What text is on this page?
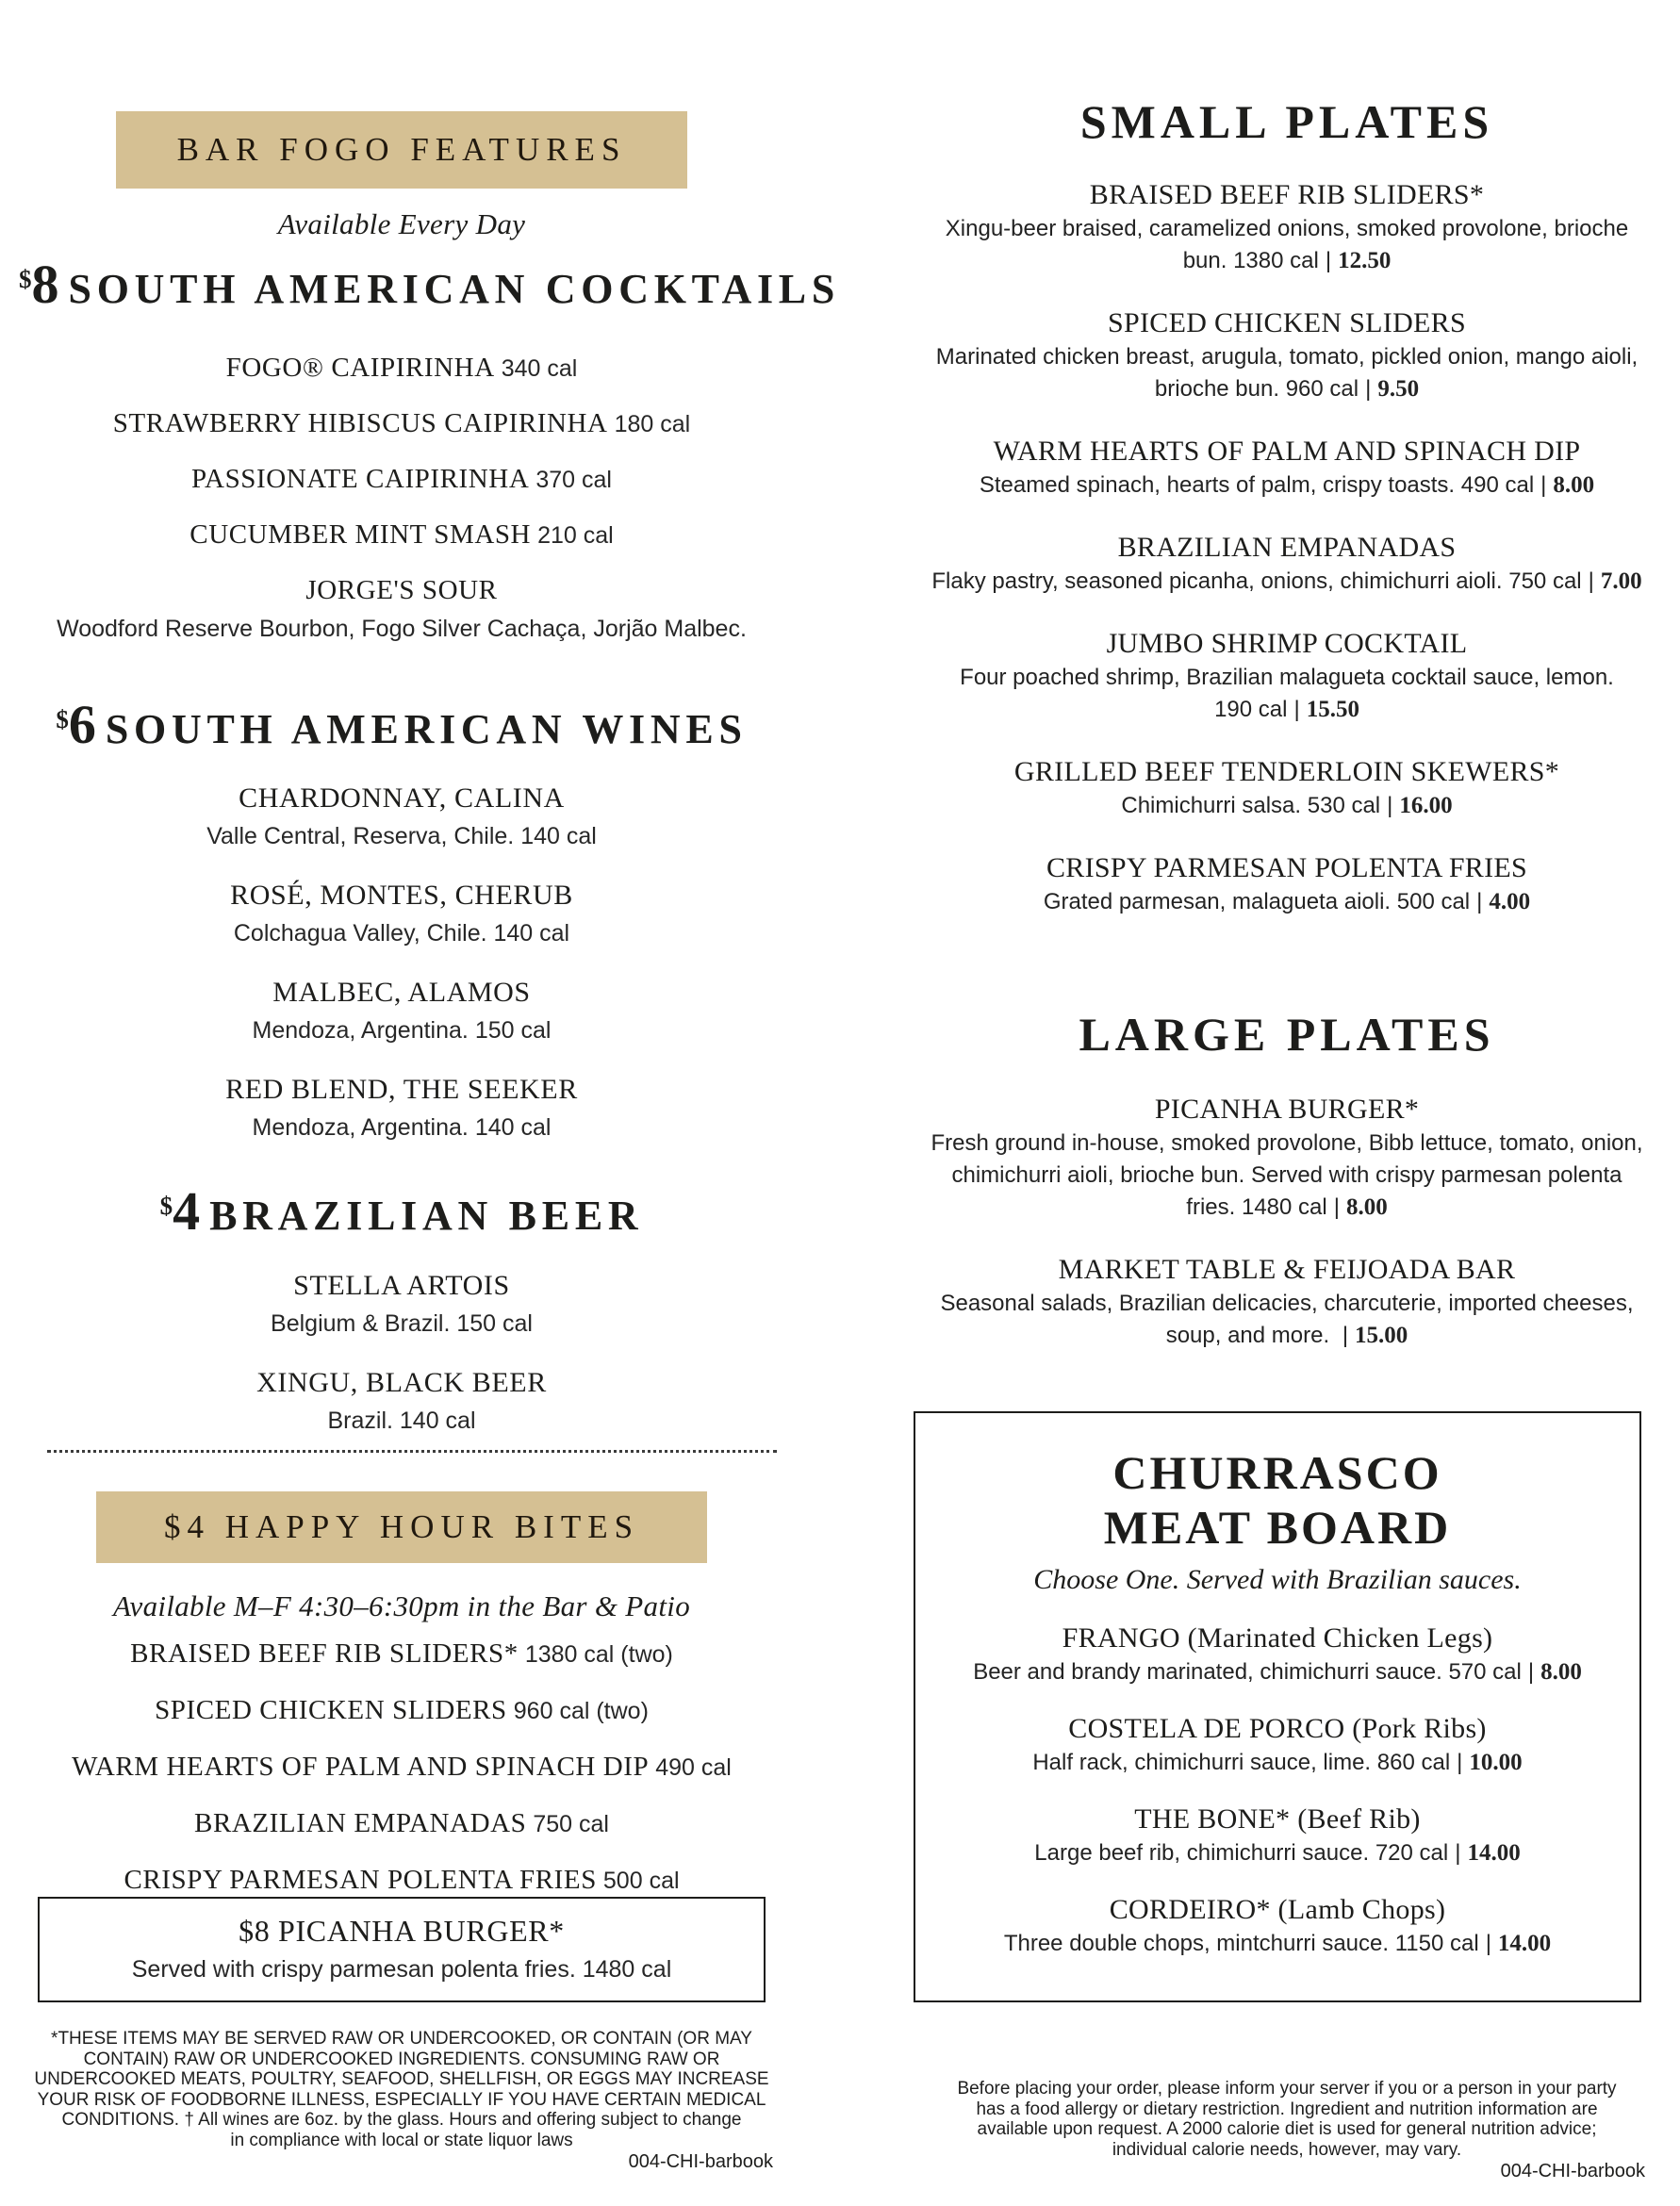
BAR FOGO FEATURES
Available Every Day
$8 SOUTH AMERICAN COCKTAILS
FOGO® CAIPIRINHA 340 cal
STRAWBERRY HIBISCUS CAIPIRINHA 180 cal
PASSIONATE CAIPIRINHA 370 cal
CUCUMBER MINT SMASH 210 cal
JORGE'S SOUR
Woodford Reserve Bourbon, Fogo Silver Cachaça, Jorjão Malbec.
$6 SOUTH AMERICAN WINES
CHARDONNAY, CALINA
Valle Central, Reserva, Chile. 140 cal
ROSÉ, MONTES, CHERUB
Colchagua Valley, Chile. 140 cal
MALBEC, ALAMOS
Mendoza, Argentina. 150 cal
RED BLEND, THE SEEKER
Mendoza, Argentina. 140 cal
$4 BRAZILIAN BEER
STELLA ARTOIS
Belgium & Brazil. 150 cal
XINGU, BLACK BEER
Brazil. 140 cal
$4 HAPPY HOUR BITES
Available M–F 4:30–6:30pm in the Bar & Patio
BRAISED BEEF RIB SLIDERS* 1380 cal (two)
SPICED CHICKEN SLIDERS 960 cal (two)
WARM HEARTS OF PALM AND SPINACH DIP 490 cal
BRAZILIAN EMPANADAS 750 cal
CRISPY PARMESAN POLENTA FRIES 500 cal
$8 PICANHA BURGER*
Served with crispy parmesan polenta fries. 1480 cal
*THESE ITEMS MAY BE SERVED RAW OR UNDERCOOKED, OR CONTAIN (OR MAY
CONTAIN) RAW OR UNDERCOOKED INGREDIENTS. CONSUMING RAW OR
UNDERCOOKED MEATS, POULTRY, SEAFOOD, SHELLFISH, OR EGGS MAY INCREASE
YOUR RISK OF FOODBORNE ILLNESS, ESPECIALLY IF YOU HAVE CERTAIN MEDICAL
CONDITIONS. † All wines are 6oz. by the glass. Hours and offering subject to change
in compliance with local or state liquor laws
004-CHI-barbook
SMALL PLATES
BRAISED BEEF RIB SLIDERS*
Xingu-beer braised, caramelized onions, smoked provolone, brioche bun. 1380 cal | 12.50
SPICED CHICKEN SLIDERS
Marinated chicken breast, arugula, tomato, pickled onion, mango aioli, brioche bun. 960 cal | 9.50
WARM HEARTS OF PALM AND SPINACH DIP
Steamed spinach, hearts of palm, crispy toasts. 490 cal | 8.00
BRAZILIAN EMPANADAS
Flaky pastry, seasoned picanha, onions, chimichurri aioli. 750 cal | 7.00
JUMBO SHRIMP COCKTAIL
Four poached shrimp, Brazilian malagueta cocktail sauce, lemon. 190 cal | 15.50
GRILLED BEEF TENDERLOIN SKEWERS*
Chimichurri salsa. 530 cal | 16.00
CRISPY PARMESAN POLENTA FRIES
Grated parmesan, malagueta aioli. 500 cal | 4.00
LARGE PLATES
PICANHA BURGER*
Fresh ground in-house, smoked provolone, Bibb lettuce, tomato, onion, chimichurri aioli, brioche bun. Served with crispy parmesan polenta fries. 1480 cal | 8.00
MARKET TABLE & FEIJOADA BAR
Seasonal salads, Brazilian delicacies, charcuterie, imported cheeses, soup, and more. | 15.00
CHURRASCO
MEAT BOARD
Choose One. Served with Brazilian sauces.
FRANGO (Marinated Chicken Legs)
Beer and brandy marinated, chimichurri sauce. 570 cal | 8.00
COSTELA DE PORCO (Pork Ribs)
Half rack, chimichurri sauce, lime. 860 cal | 10.00
THE BONE* (Beef Rib)
Large beef rib, chimichurri sauce. 720 cal | 14.00
CORDEIRO* (Lamb Chops)
Three double chops, mintchurri sauce. 1150 cal | 14.00
Before placing your order, please inform your server if you or a person in your party
has a food allergy or dietary restriction. Ingredient and nutrition information are
available upon request. A 2000 calorie diet is used for general nutrition advice;
individual calorie needs, however, may vary.
004-CHI-barbook
